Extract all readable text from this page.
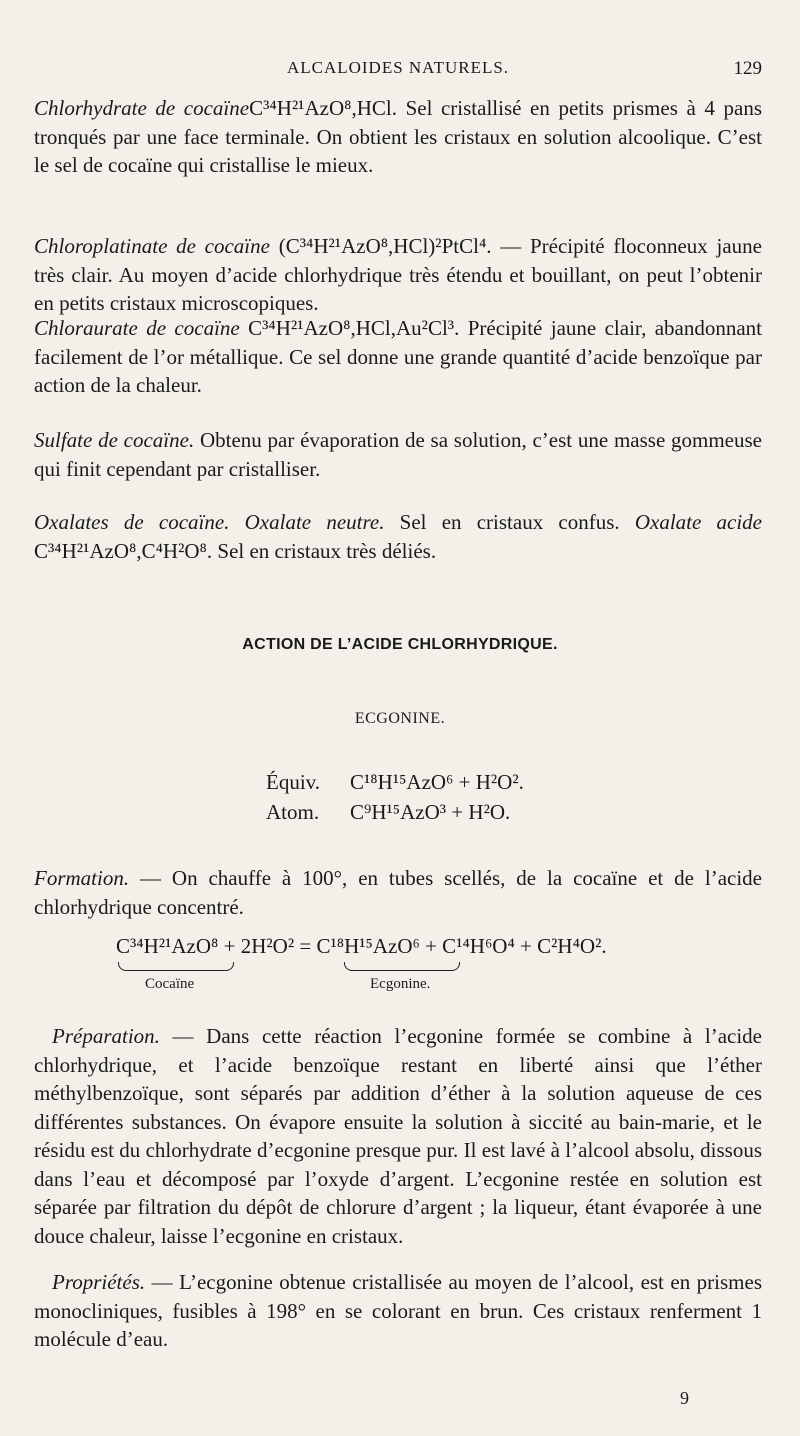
ALCALOIDES NATURELS.	129
Chlorhydrate de cocaïneC³⁴H²¹AzO⁸,HCl. Sel cristallisé en petits prismes à 4 pans tronqués par une face terminale. On obtient les cristaux en solution alcoolique. C’est le sel de cocaïne qui cristallise le mieux.
Chloroplatinate de cocaïne (C³⁴H²¹AzO⁸,HCl)²PtCl⁴. — Précipité floconneux jaune très clair. Au moyen d’acide chlorhydrique très étendu et bouillant, on peut l’obtenir en petits cristaux microscopiques.
Chloraurate de cocaïne C³⁴H²¹AzO⁸,HCl,Au²Cl³. Précipité jaune clair, abandonnant facilement de l’or métallique. Ce sel donne une grande quantité d’acide benzoïque par action de la chaleur.
Sulfate de cocaïne. Obtenu par évaporation de sa solution, c’est une masse gommeuse qui finit cependant par cristalliser.
Oxalates de cocaïne. Oxalate neutre. Sel en cristaux confus. Oxalate acide C³⁴H²¹AzO⁸,C⁴H²O⁸. Sel en cristaux très déliés.
ACTION DE L’ACIDE CHLORHYDRIQUE.
ECGONINE.
Équiv. C¹⁸H¹⁵AzO⁶ + H²O².
Atom. C⁹H¹⁵AzO³ + H²O.
Formation. — On chauffe à 100°, en tubes scellés, de la cocaïne et de l’acide chlorhydrique concentré.
C³⁴H²¹AzO⁸ + 2H²O² = C¹⁸H¹⁵AzO⁶ + C¹⁴H⁶O⁴ + C²H⁴O².
Cocaïne	Ecgonine.
Préparation. — Dans cette réaction l’ecgonine formée se combine à l’acide chlorhydrique, et l’acide benzoïque restant en liberté ainsi que l’éther méthylbenzoïque, sont séparés par addition d’éther à la solution aqueuse de ces différentes substances. On évapore ensuite la solution à siccité au bain-marie, et le résidu est du chlorhydrate d’ecgonine presque pur. Il est lavé à l’alcool absolu, dissous dans l’eau et décomposé par l’oxyde d’argent. L’ecgonine restée en solution est séparée par filtration du dépôt de chlorure d’argent ; la liqueur, étant évaporée à une douce chaleur, laisse l’ecgonine en cristaux.
Propriétés. — L’ecgonine obtenue cristallisée au moyen de l’alcool, est en prismes monocliniques, fusibles à 198° en se colorant en brun. Ces cristaux renferment 1 molécule d’eau.
9
